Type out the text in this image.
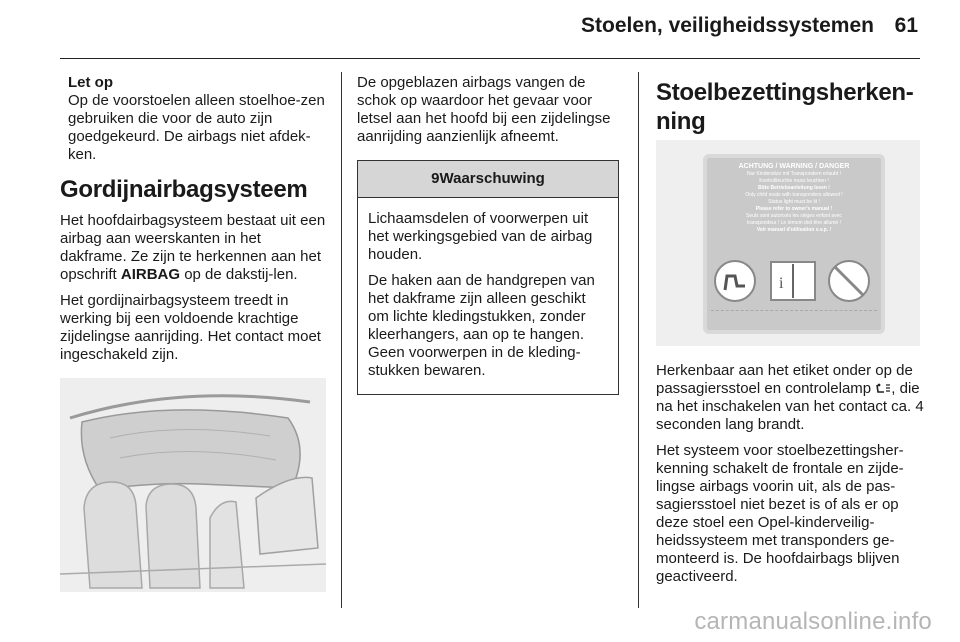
Stoelen, veiligheidssystemen 61
Let op

Op de voorstoelen alleen stoelhoe-zen gebruiken die voor de auto zijn goedgekeurd. De airbags niet afdek-ken.

Gordijnairbagsysteem

Het hoofdairbagsysteem bestaat uit een airbag aan weerskanten in het dakframe. Ze zijn te herkennen aan het opschrift AIRBAG op de dakstij-len.

Het gordijnairbagsysteem treedt in werking bij een voldoende krachtige zijdelingse aanrijding. Het contact moet ingeschakeld zijn.

De opgeblazen airbags vangen de schok op waardoor het gevaar voor letsel aan het hoofd bij een zijdelingse aanrijding aanzienlijk afneemt.

9Waarschuwing

Lichaamsdelen of voorwerpen uit het werkingsgebied van de airbag houden.

De haken aan de handgrepen van het dakframe zijn alleen geschikt om lichte kledingstukken, zonder kleerhangers, aan op te hangen. Geen voorwerpen in de kleding-stukken bewaren.

Stoelbezettingsherken-ning
ACHTUNG / WARNING / DANGER
Nur Kindersitze mit Transpondern erlaubt !
Kontrollleuchte muss leuchten !
Bitte Betriebsanleitung lesen !
Only child seats with transponders allowed !
Status light must be lit !
Please refer to owner's manual !
Seuls sont autorisés les sièges enfant avec
transpondeur ! Le témoin doit être allumé !
Voir manuel d'utilisation s.v.p. !
i

Herkenbaar aan het etiket onder op de passagiersstoel en controlelamp , die na het inschakelen van het contact ca. 4 seconden lang brandt.

Het systeem voor stoelbezettingsher-kenning schakelt de frontale en zijde-lingse airbags voorin uit, als de pas-sagiersstoel niet bezet is of als er op deze stoel een Opel-kinderveilig-heidssysteem met transponders ge-monteerd is. De hoofdairbags blijven geactiveerd.

carmanualsonline.info
